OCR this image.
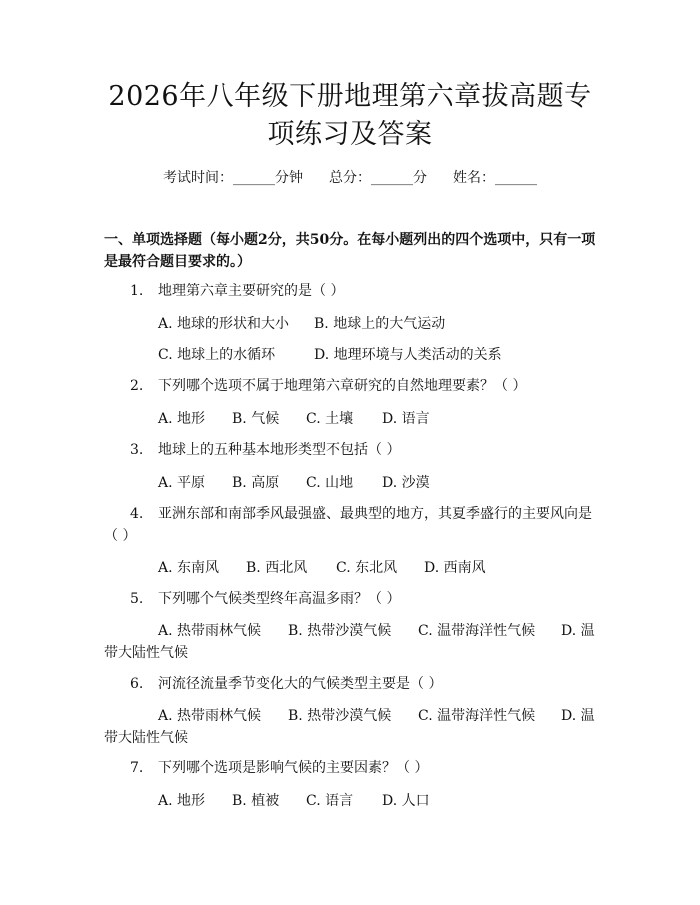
2026年八年级下册地理第六章拔高题专项练习及答案
考试时间：______分钟 总分：______分 姓名：______
一、单项选择题（每小题2分，共50分。在每小题列出的四个选项中，只有一项是最符合题目要求的。）
1. 地理第六章主要研究的是（ ）
A. 地球的形状和大小 B. 地球上的大气运动
C. 地球上的水循环	D. 地理环境与人类活动的关系
2. 下列哪个选项不属于地理第六章研究的自然地理要素？（ ）
A. 地形 B. 气候 C. 土壤 D. 语言
3. 地球上的五种基本地形类型不包括（ ）
A. 平原 B. 高原 C. 山地 D. 沙漠
4. 亚洲东部和南部季风最强盛、最典型的地方，其夏季盛行的主要风向是（ ）
A. 东南风 B. 西北风 C. 东北风 D. 西南风
5. 下列哪个气候类型终年高温多雨？（ ）
A. 热带雨林气候 B. 热带沙漠气候 C. 温带海洋性气候 D. 温带大陆性气候
6. 河流径流量季节变化大的气候类型主要是（ ）
A. 热带雨林气候 B. 热带沙漠气候 C. 温带海洋性气候 D. 温带大陆性气候
7. 下列哪个选项是影响气候的主要因素？（ ）
A. 地形 B. 植被 C. 语言 D. 人口
